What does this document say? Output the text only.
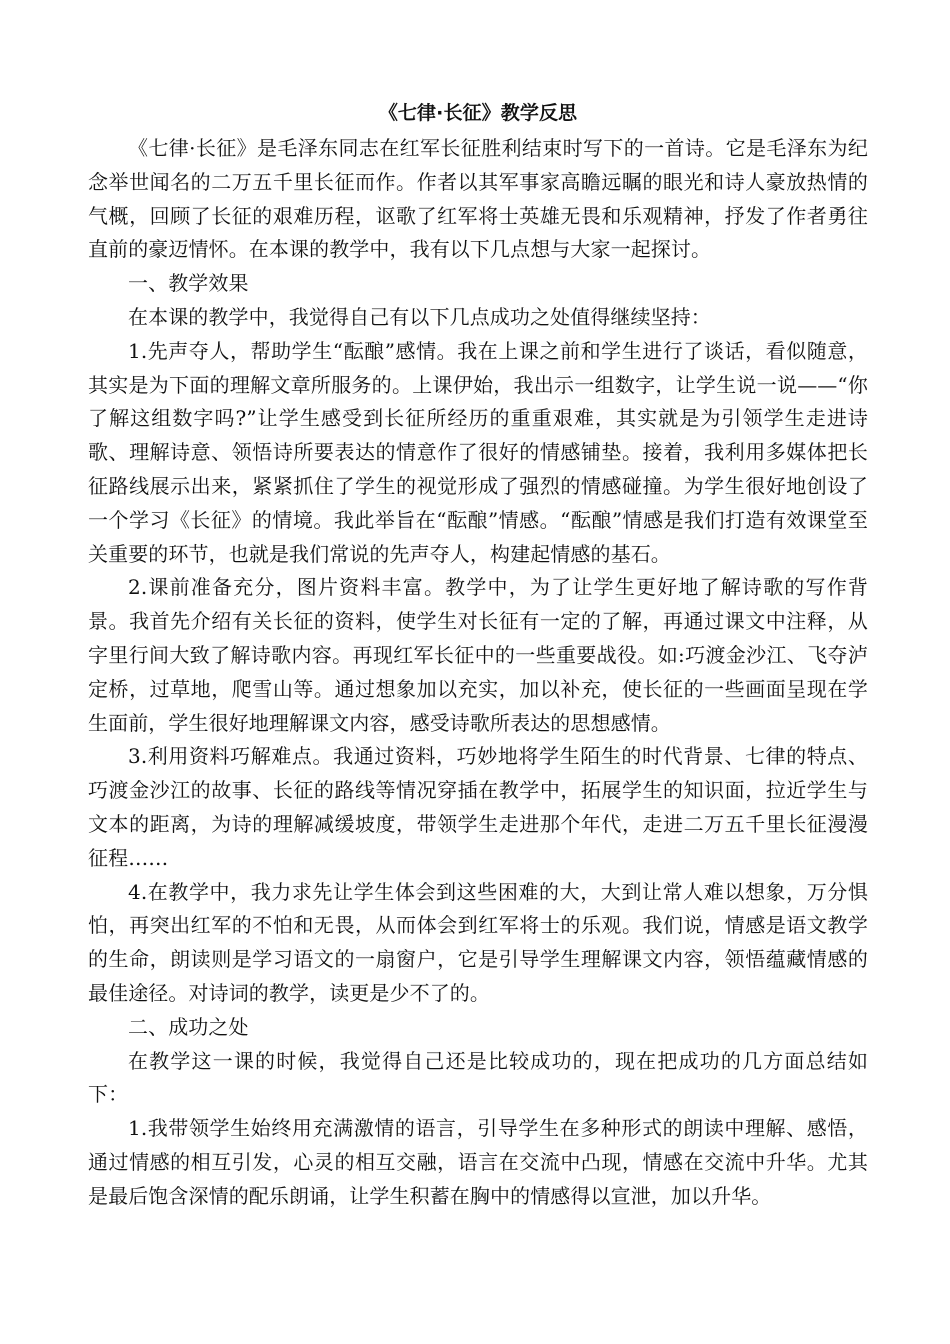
《七律·长征》教学反思

《七律·长征》是毛泽东同志在红军长征胜利结束时写下的一首诗。它是毛泽东为纪念举世闻名的二万五千里长征而作。作者以其军事家高瞻远瞩的眼光和诗人豪放热情的气概，回顾了长征的艰难历程，讴歌了红军将士英雄无畏和乐观精神，抒发了作者勇往直前的豪迈情怀。在本课的教学中，我有以下几点想与大家一起探讨。

一、教学效果

在本课的教学中，我觉得自己有以下几点成功之处值得继续坚持：

1.先声夺人，帮助学生“酝酿”感情。我在上课之前和学生进行了谈话，看似随意，其实是为下面的理解文章所服务的。上课伊始，我出示一组数字，让学生说一说——“你了解这组数字吗?”让学生感受到长征所经历的重重艰难，其实就是为引领学生走进诗歌、理解诗意、领悟诗所要表达的情意作了很好的情感铺垫。接着，我利用多媒体把长征路线展示出来，紧紧抓住了学生的视觉形成了强烈的情感碰撞。为学生很好地创设了一个学习《长征》的情境。我此举旨在“酝酿”情感。“酝酿”情感是我们打造有效课堂至关重要的环节，也就是我们常说的先声夺人，构建起情感的基石。

2.课前准备充分，图片资料丰富。教学中，为了让学生更好地了解诗歌的写作背景。我首先介绍有关长征的资料，使学生对长征有一定的了解，再通过课文中注释，从字里行间大致了解诗歌内容。再现红军长征中的一些重要战役。如:巧渡金沙江、飞夺泸定桥，过草地，爬雪山等。通过想象加以充实，加以补充，使长征的一些画面呈现在学生面前，学生很好地理解课文内容，感受诗歌所表达的思想感情。

3.利用资料巧解难点。我通过资料，巧妙地将学生陌生的时代背景、七律的特点、巧渡金沙江的故事、长征的路线等情况穿插在教学中，拓展学生的知识面，拉近学生与文本的距离，为诗的理解减缓坡度，带领学生走进那个年代，走进二万五千里长征漫漫征程……

4.在教学中，我力求先让学生体会到这些困难的大，大到让常人难以想象，万分惧怕，再突出红军的不怕和无畏，从而体会到红军将士的乐观。我们说，情感是语文教学的生命，朗读则是学习语文的一扇窗户，它是引导学生理解课文内容，领悟蕴藏情感的最佳途径。对诗词的教学，读更是少不了的。

二、成功之处

在教学这一课的时候，我觉得自己还是比较成功的，现在把成功的几方面总结如下：

1.我带领学生始终用充满激情的语言，引导学生在多种形式的朗读中理解、感悟，通过情感的相互引发，心灵的相互交融，语言在交流中凸现，情感在交流中升华。尤其是最后饱含深情的配乐朗诵，让学生积蓄在胸中的情感得以宣泄，加以升华。
